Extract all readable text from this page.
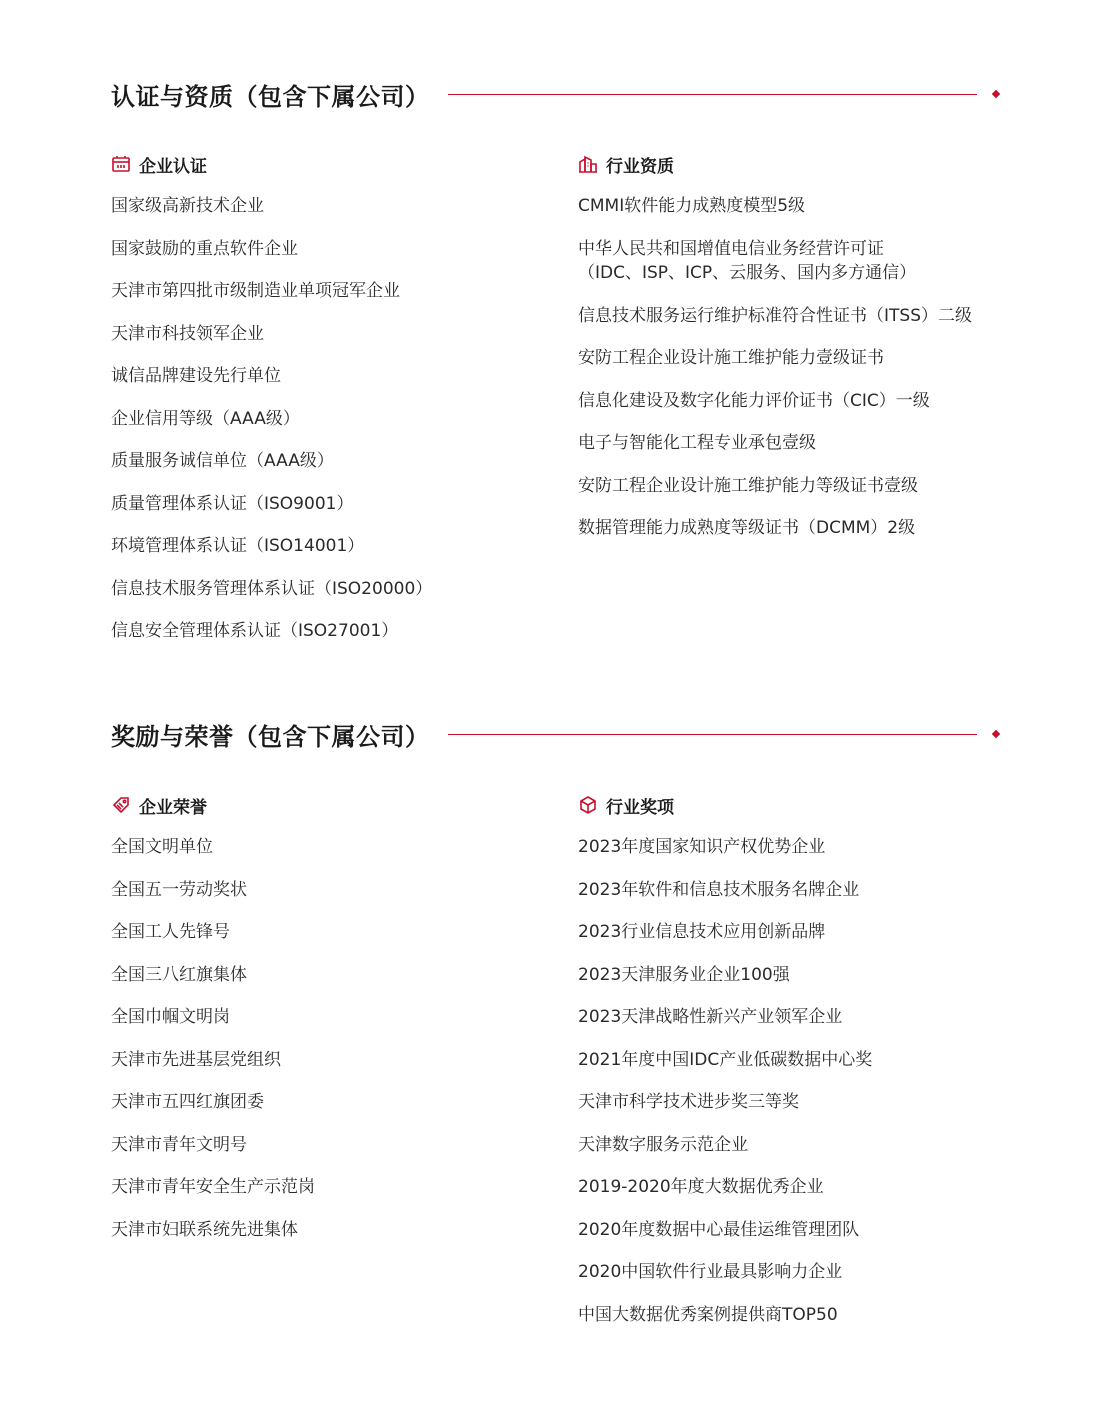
认证与资质（包含下属公司）
企业认证
国家级高新技术企业
国家鼓励的重点软件企业
天津市第四批市级制造业单项冠军企业
天津市科技领军企业
诚信品牌建设先行单位
企业信用等级（AAA级）
质量服务诚信单位（AAA级）
质量管理体系认证（ISO9001）
环境管理体系认证（ISO14001）
信息技术服务管理体系认证（ISO20000）
信息安全管理体系认证（ISO27001）
行业资质
CMMI软件能力成熟度模型5级
中华人民共和国增值电信业务经营许可证
（IDC、ISP、ICP、云服务、国内多方通信）
信息技术服务运行维护标准符合性证书（ITSS）二级
安防工程企业设计施工维护能力壹级证书
信息化建设及数字化能力评价证书（CIC）一级
电子与智能化工程专业承包壹级
安防工程企业设计施工维护能力等级证书壹级
数据管理能力成熟度等级证书（DCMM）2级
奖励与荣誉（包含下属公司）
企业荣誉
全国文明单位
全国五一劳动奖状
全国工人先锋号
全国三八红旗集体
全国巾帼文明岗
天津市先进基层党组织
天津市五四红旗团委
天津市青年文明号
天津市青年安全生产示范岗
天津市妇联系统先进集体
行业奖项
2023年度国家知识产权优势企业
2023年软件和信息技术服务名牌企业
2023行业信息技术应用创新品牌
2023天津服务业企业100强
2023天津战略性新兴产业领军企业
2021年度中国IDC产业低碳数据中心奖
天津市科学技术进步奖三等奖
天津数字服务示范企业
2019-2020年度大数据优秀企业
2020年度数据中心最佳运维管理团队
2020中国软件行业最具影响力企业
中国大数据优秀案例提供商TOP50
